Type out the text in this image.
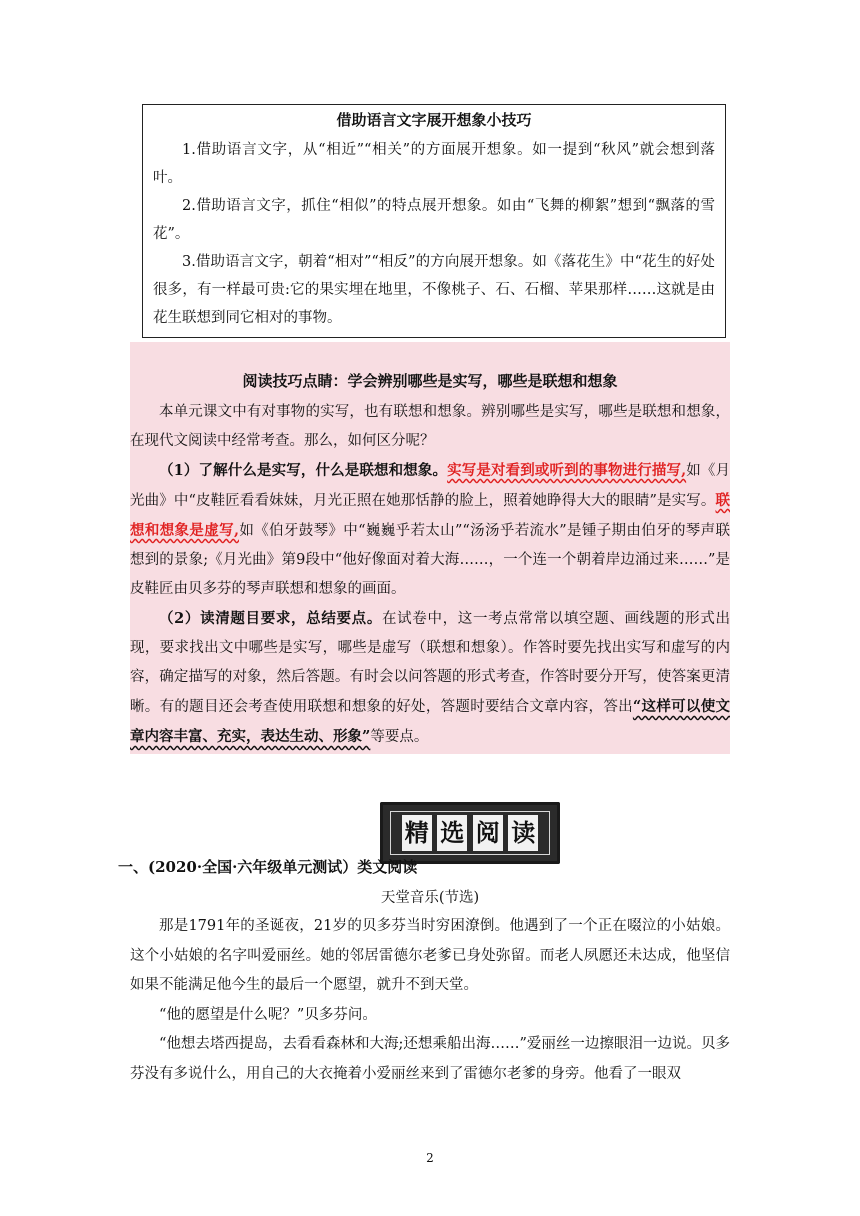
借助语言文字展开想象小技巧

1.借助语言文字，从“相近”“相关”的方面展开想象。如一提到“秋风”就会想到落叶。

2.借助语言文字，抓住“相似”的特点展开想象。如由“飞舞的柳絮”想到“飘落的雪花”。

3.借助语言文字，朝着“相对”“相反”的方向展开想象。如《落花生》中“花生的好处很多，有一样最可贵:它的果实埋在地里，不像桃子、石、石榴、苹果那样……这就是由花生联想到同它相对的事物。

阅读技巧点睛：学会辨别哪些是实写，哪些是联想和想象

本单元课文中有对事物的实写，也有联想和想象。辨别哪些是实写，哪些是联想和想象，在现代文阅读中经常考查。那么，如何区分呢？

（1）了解什么是实写，什么是联想和想象。实写是对看到或听到的事物进行描写,如《月光曲》中“皮鞋匠看看妹妹，月光正照在她那恬静的脸上，照着她睁得大大的眼睛”是实写。联想和想象是虚写,如《伯牙鼓琴》中“巍巍乎若太山”“汤汤乎若流水”是锺子期由伯牙的琴声联想到的景象;《月光曲》第9段中“他好像面对着大海……，一个连一个朝着岸边涌过来……”是皮鞋匠由贝多芬的琴声联想和想象的画面。

（2）读清题目要求，总结要点。在试卷中，这一考点常常以填空题、画线题的形式出现，要求找出文中哪些是实写，哪些是虚写（联想和想象）。作答时要先找出实写和虚写的内容，确定描写的对象，然后答题。有时会以问答题的形式考查，作答时要分开写，使答案更清晰。有的题目还会考查使用联想和想象的好处，答题时要结合文章内容，答出“这样可以使文章内容丰富、充实，表达生动、形象”等要点。

精 选 阅 读

一、(2020·全国·六年级单元测试）类文阅读

天堂音乐(节选)

那是1791年的圣诞夜，21岁的贝多芬当时穷困潦倒。他遇到了一个正在啜泣的小姑娘。这个小姑娘的名字叫爱丽丝。她的邻居雷德尔老爹已身处弥留。而老人夙愿还未达成，他坚信如果不能满足他今生的最后一个愿望，就升不到天堂。

“他的愿望是什么呢？”贝多芬问。

“他想去塔西提岛，去看看森林和大海;还想乘船出海……”爱丽丝一边擦眼泪一边说。贝多芬没有多说什么，用自己的大衣掩着小爱丽丝来到了雷德尔老爹的身旁。他看了一眼双

2
